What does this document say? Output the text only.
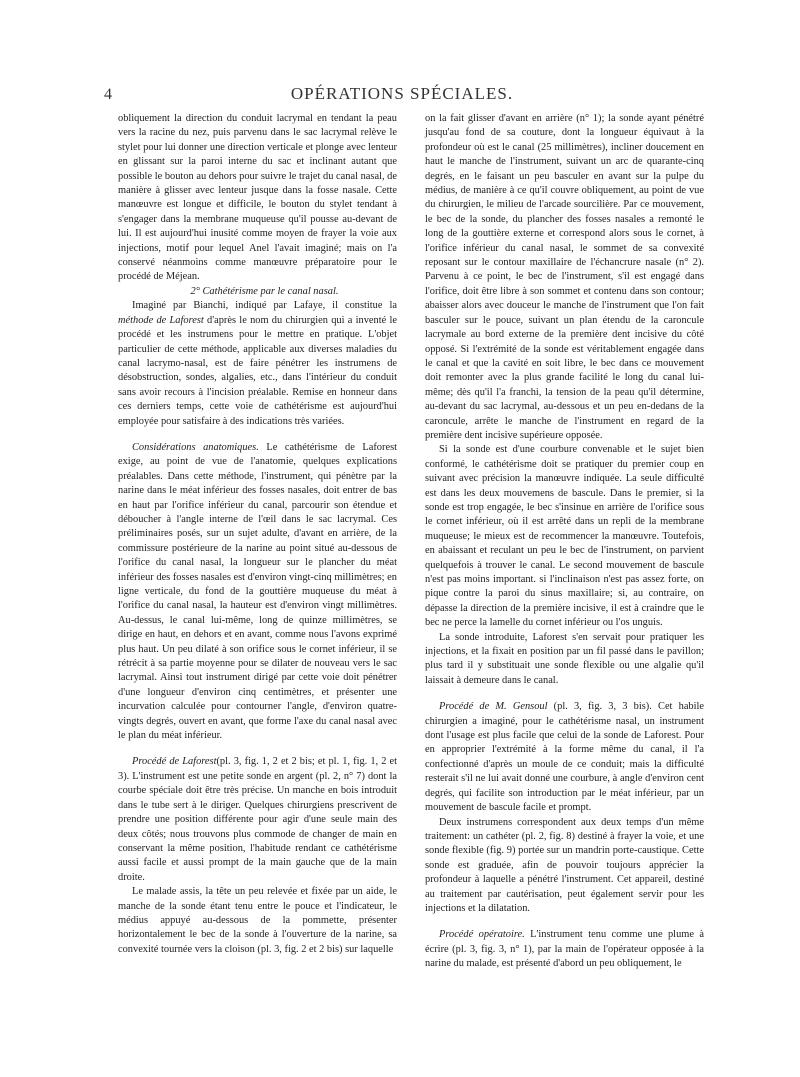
4	OPÉRATIONS SPÉCIALES.

obliquement la direction du conduit lacrymal en tendant la peau vers la racine du nez, puis parvenu dans le sac lacrymal relève le stylet pour lui donner une direction verticale et plonge avec lenteur en glissant sur la paroi interne du sac et inclinant autant que possible le bouton au dehors pour suivre le trajet du canal nasal, de manière à glisser avec lenteur jusque dans la fosse nasale. Cette manœuvre est longue et difficile, le bouton du stylet tendant à s'engager dans la membrane muqueuse qu'il pousse au-devant de lui. Il est aujourd'hui inusité comme moyen de frayer la voie aux injections, motif pour lequel Anel l'avait imaginé; mais on l'a conservé néanmoins comme manœuvre préparatoire pour le procédé de Méjean.

2° Cathétérisme par le canal nasal.

Imaginé par Bianchi, indiqué par Lafaye, il constitue la méthode de Laforest d'après le nom du chirurgien qui a inventé le procédé et les instrumens pour le mettre en pratique. L'objet particulier de cette méthode, applicable aux diverses maladies du canal lacrymo-nasal, est de faire pénétrer les instrumens de désobstruction, sondes, algalies, etc., dans l'intérieur du conduit sans avoir recours à l'incision préalable. Remise en honneur dans ces derniers temps, cette voie de cathétérisme est aujourd'hui employée pour satisfaire à des indications très variées.

Considérations anatomiques. Le cathétérisme de Laforest exige, au point de vue de l'anatomie, quelques explications préalables. Dans cette méthode, l'instrument, qui pénètre par la narine dans le méat inférieur des fosses nasales, doit entrer de bas en haut par l'orifice inférieur du canal, parcourir son étendue et déboucher à l'angle interne de l'œil dans le sac lacrymal. Ces préliminaires posés, sur un sujet adulte, d'avant en arrière, de la commissure postérieure de la narine au point situé au-dessous de l'orifice du canal nasal, la longueur sur le plancher du méat inférieur des fosses nasales est d'environ vingt-cinq millimètres; en ligne verticale, du fond de la gouttière muqueuse du méat à l'orifice du canal nasal, la hauteur est d'environ vingt millimètres. Au-dessus, le canal lui-même, long de quinze millimètres, se dirige en haut, en dehors et en avant, comme nous l'avons exprimé plus haut. Un peu dilaté à son orifice sous le cornet inférieur, il se rétrécit à sa partie moyenne pour se dilater de nouveau vers le sac lacrymal. Ainsi tout instrument dirigé par cette voie doit pénétrer d'une longueur d'environ cinq centimètres, et présenter une incurvation calculée pour contourner l'angle, d'environ quatre-vingts degrés, ouvert en avant, que forme l'axe du canal nasal avec le plan du méat inférieur.

Procédé de Laforest(pl. 3, fig. 1, 2 et 2 bis; et pl. 1, fig. 1, 2 et 3). L'instrument est une petite sonde en argent (pl. 2, n° 7) dont la courbe spéciale doit être très précise. Un manche en bois introduit dans le tube sert à le diriger. Quelques chirurgiens prescrivent de prendre une position différente pour agir d'une seule main des deux côtés; nous trouvons plus commode de changer de main en conservant la même position, l'habitude rendant ce cathétérisme aussi facile et aussi prompt de la main gauche que de la main droite.

Le malade assis, la tête un peu relevée et fixée par un aide, le manche de la sonde étant tenu entre le pouce et l'indicateur, le médius appuyé au-dessous de la pommette, présenter horizontalement le bec de la sonde à l'ouverture de la narine, sa convexité tournée vers la cloison (pl. 3, fig. 2 et 2 bis) sur laquelle

on la fait glisser d'avant en arrière (n° 1); la sonde ayant pénétré jusqu'au fond de sa couture, dont la longueur équivaut à la profondeur où est le canal (25 millimètres), incliner doucement en haut le manche de l'instrument, suivant un arc de quarante-cinq degrés, en le faisant un peu basculer en avant sur la pulpe du médius, de manière à ce qu'il couvre obliquement, au point de vue du chirurgien, le milieu de l'arcade sourcilière. Par ce mouvement, le bec de la sonde, du plancher des fosses nasales a remonté le long de la gouttière externe et correspond alors sous le cornet, à l'orifice inférieur du canal nasal, le sommet de sa convexité reposant sur le contour maxillaire de l'échancrure nasale (n° 2). Parvenu à ce point, le bec de l'instrument, s'il est engagé dans l'orifice, doit être libre à son sommet et contenu dans son contour; abaisser alors avec douceur le manche de l'instrument que l'on fait basculer sur le pouce, suivant un plan étendu de la caroncule lacrymale au bord externe de la première dent incisive du côté opposé. Si l'extrémité de la sonde est véritablement engagée dans le canal et que la cavité en soit libre, le bec dans ce mouvement doit remonter avec la plus grande facilité le long du canal lui-même; dès qu'il l'a franchi, la tension de la peau qu'il détermine, au-devant du sac lacrymal, au-dessous et un peu en-dedans de la caroncule, arrête le manche de l'instrument en regard de la première dent incisive supérieure opposée.

Si la sonde est d'une courbure convenable et le sujet bien conformé, le cathétérisme doit se pratiquer du premier coup en suivant avec précision la manœuvre indiquée. La seule difficulté est dans les deux mouvemens de bascule. Dans le premier, si la sonde est trop engagée, le bec s'insinue en arrière de l'orifice sous le cornet inférieur, où il est arrêté dans un repli de la membrane muqueuse; le mieux est de recommencer la manœuvre. Toutefois, en abaissant et reculant un peu le bec de l'instrument, on parvient quelquefois à trouver le canal. Le second mouvement de bascule n'est pas moins important. si l'inclinaison n'est pas assez forte, on pique contre la paroi du sinus maxillaire; si, au contraire, on dépasse la direction de la première incisive, il est à craindre que le bec ne perce la lamelle du cornet inférieur ou l'os unguis.

La sonde introduite, Laforest s'en servait pour pratiquer les injections, et la fixait en position par un fil passé dans le pavillon; plus tard il y substituait une sonde flexible ou une algalie qu'il laissait à demeure dans le canal.

Procédé de M. Gensoul (pl. 3, fig. 3, 3 bis). Cet habile chirurgien a imaginé, pour le cathétérisme nasal, un instrument dont l'usage est plus facile que celui de la sonde de Laforest. Pour en approprier l'extrémité à la forme même du canal, il l'a confectionné d'après un moule de ce conduit; mais la difficulté resterait s'il ne lui avait donné une courbure, à angle d'environ cent degrés, qui facilite son introduction par le méat inférieur, par un mouvement de bascule facile et prompt.

Deux instrumens correspondent aux deux temps d'un même traitement: un cathéter (pl. 2, fig. 8) destiné à frayer la voie, et une sonde flexible (fig. 9) portée sur un mandrin porte-caustique. Cette sonde est graduée, afin de pouvoir toujours apprécier la profondeur à laquelle a pénétré l'instrument. Cet appareil, destiné au traitement par cautérisation, peut également servir pour les injections et la dilatation.

Procédé opératoire. L'instrument tenu comme une plume à écrire (pl. 3, fig. 3, n° 1), par la main de l'opérateur opposée à la narine du malade, est présenté d'abord un peu obliquement, le
